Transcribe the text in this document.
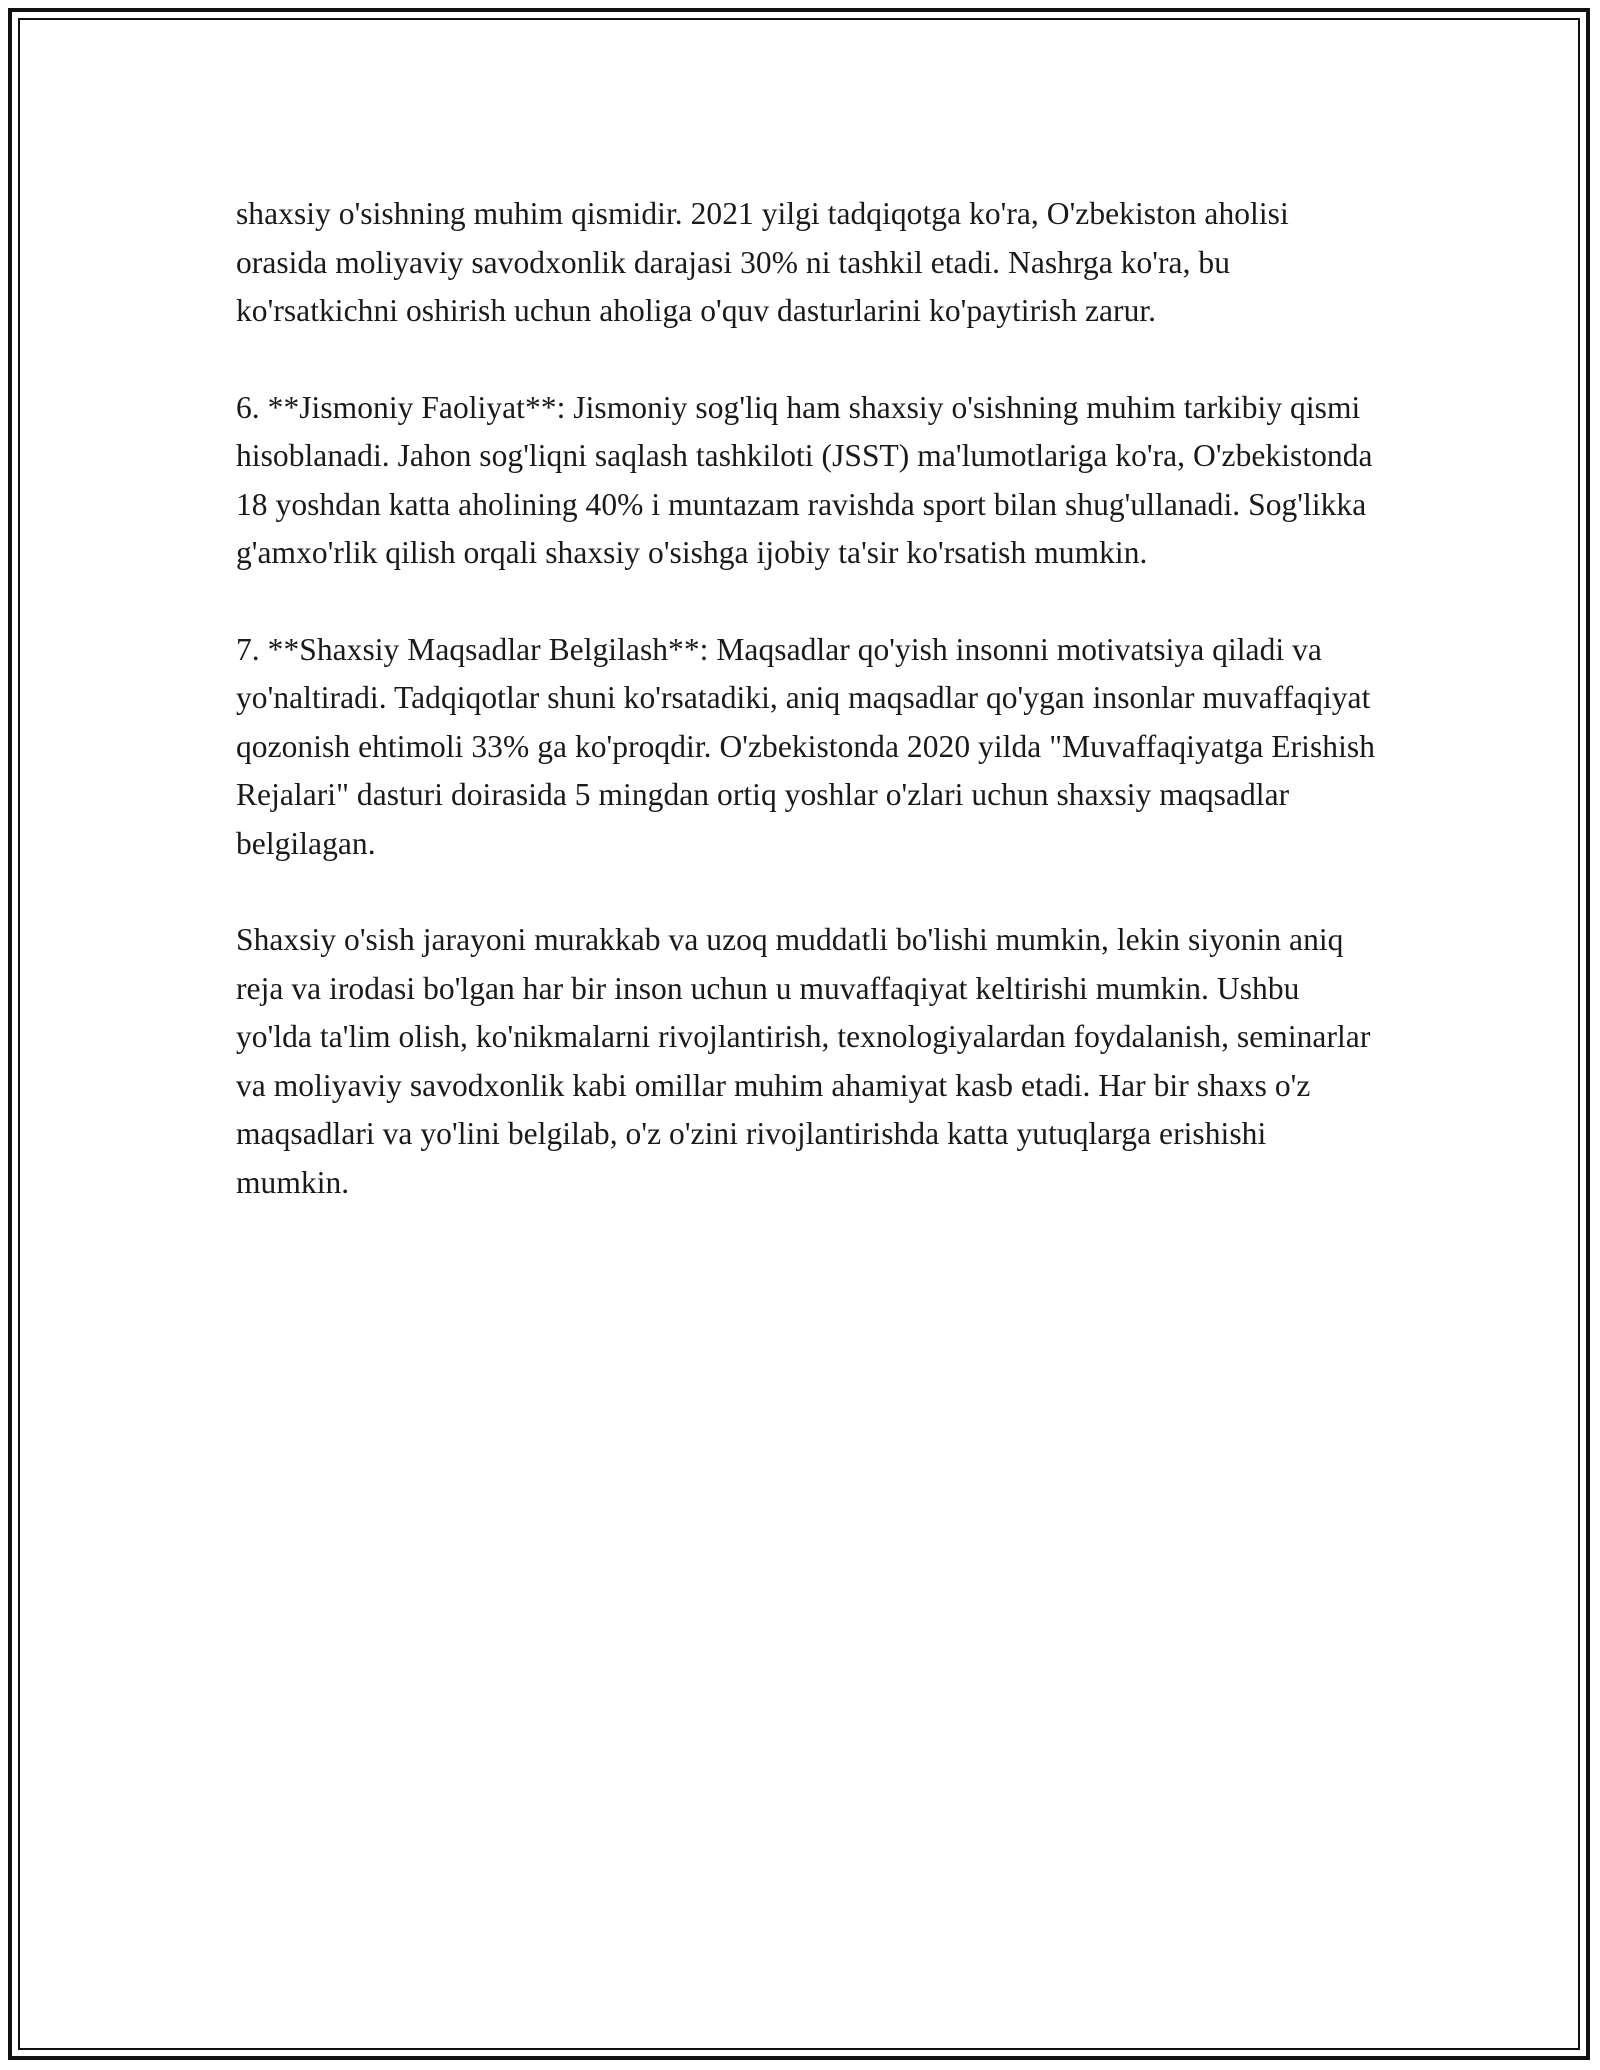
shaxsiy o'sishning muhim qismidir. 2021 yilgi tadqiqotga ko'ra, O'zbekiston aholisi orasida moliyaviy savodxonlik darajasi 30% ni tashkil etadi. Nashrga ko'ra, bu ko'rsatkichni oshirish uchun aholiga o'quv dasturlarini ko'paytirish zarur.

6. **Jismoniy Faoliyat**: Jismoniy sog'liq ham shaxsiy o'sishning muhim tarkibiy qismi hisoblanadi. Jahon sog'liqni saqlash tashkiloti (JSST) ma'lumotlariga ko'ra, O'zbekistonda 18 yoshdan katta aholining 40% i muntazam ravishda sport bilan shug'ullanadi. Sog'likka g'amxo'rlik qilish orqali shaxsiy o'sishga ijobiy ta'sir ko'rsatish mumkin.

7. **Shaxsiy Maqsadlar Belgilash**: Maqsadlar qo'yish insonni motivatsiya qiladi va yo'naltiradi. Tadqiqotlar shuni ko'rsatadiki, aniq maqsadlar qo'ygan insonlar muvaffaqiyat qozonish ehtimoli 33% ga ko'proqdir. O'zbekistonda 2020 yilda "Muvaffaqiyatga Erishish Rejalari" dasturi doirasida 5 mingdan ortiq yoshlar o'zlari uchun shaxsiy maqsadlar belgilagan.

Shaxsiy o'sish jarayoni murakkab va uzoq muddatli bo'lishi mumkin, lekin siyonin aniq reja va irodasi bo'lgan har bir inson uchun u muvaffaqiyat keltirishi mumkin. Ushbu yo'lda ta'lim olish, ko'nikmalarni rivojlantirish, texnologiyalardan foydalanish, seminarlar va moliyaviy savodxonlik kabi omillar muhim ahamiyat kasb etadi. Har bir shaxs o'z maqsadlari va yo'lini belgilab, o'z o'zini rivojlantirishda katta yutuqlarga erishishi mumkin.
